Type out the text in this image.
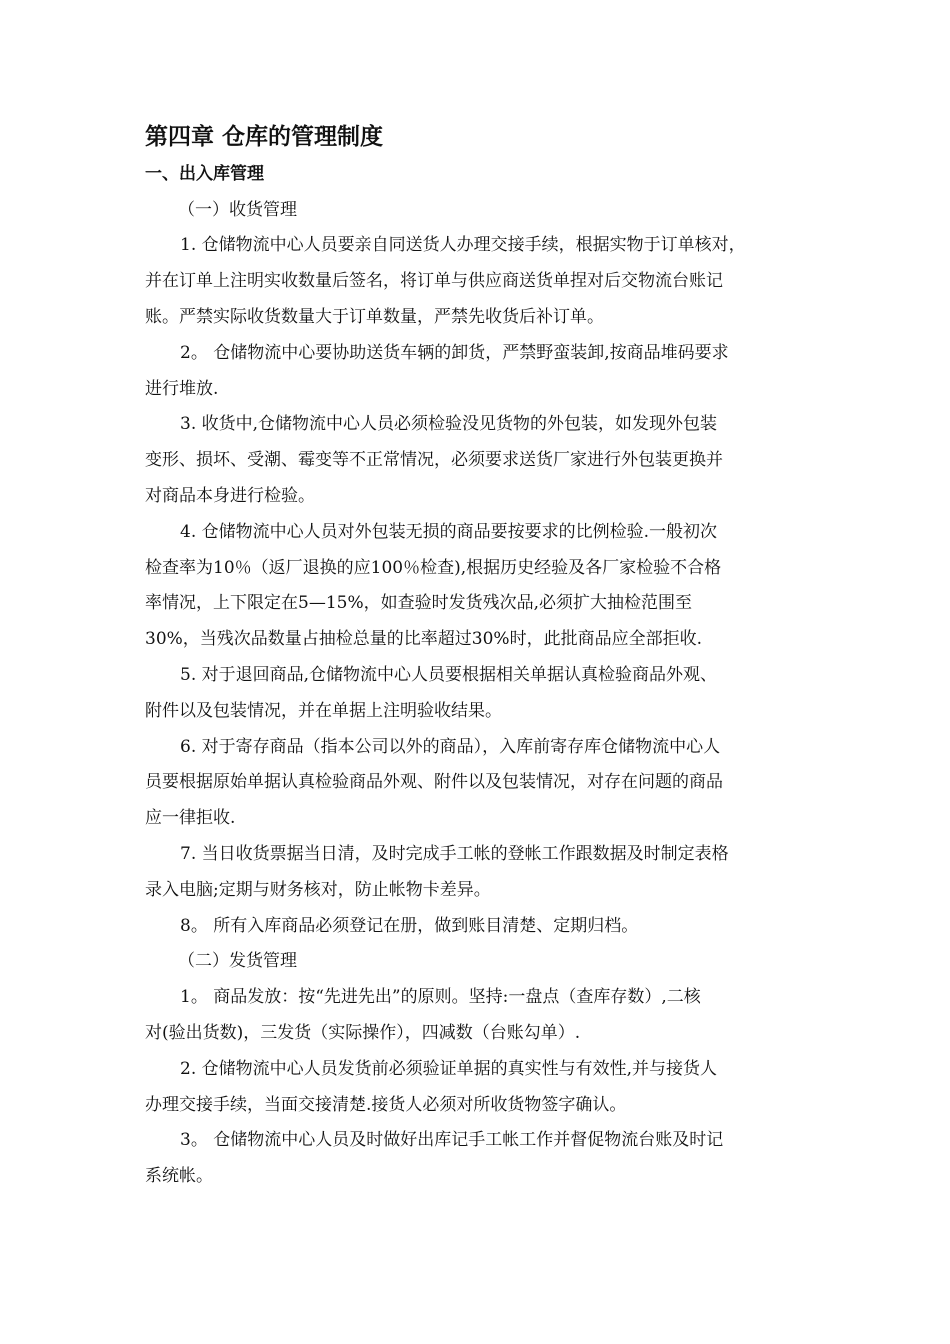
第四章 仓库的管理制度
一、出入库管理

（一）收货管理

1. 仓储物流中心人员要亲自同送货人办理交接手续，根据实物于订单核对，

并在订单上注明实收数量后签名，将订单与供应商送货单捏对后交物流台账记

账。严禁实际收货数量大于订单数量，严禁先收货后补订单。

2。 仓储物流中心要协助送货车辆的卸货，严禁野蛮装卸,按商品堆码要求

进行堆放.

3. 收货中,仓储物流中心人员必须检验没见货物的外包装，如发现外包装

变形、损坏、受潮、霉变等不正常情况，必须要求送货厂家进行外包装更换并

对商品本身进行检验。

4. 仓储物流中心人员对外包装无损的商品要按要求的比例检验.一般初次

检查率为10％（返厂退换的应100％检查),根据历史经验及各厂家检验不合格

率情况，上下限定在5—15%，如查验时发货残次品,必须扩大抽检范围至

30%，当残次品数量占抽检总量的比率超过30%时，此批商品应全部拒收.

5. 对于退回商品,仓储物流中心人员要根据相关单据认真检验商品外观、

附件以及包装情况，并在单据上注明验收结果。

6. 对于寄存商品（指本公司以外的商品），入库前寄存库仓储物流中心人

员要根据原始单据认真检验商品外观、附件以及包装情况，对存在问题的商品

应一律拒收.

7. 当日收货票据当日清，及时完成手工帐的登帐工作跟数据及时制定表格

录入电脑;定期与财务核对，防止帐物卡差异。

8。 所有入库商品必须登记在册，做到账目清楚、定期归档。

（二）发货管理

1。 商品发放：按“先进先出”的原则。坚持:一盘点（查库存数）,二核

对(验出货数)，三发货（实际操作），四减数（台账勾单）.

2. 仓储物流中心人员发货前必须验证单据的真实性与有效性,并与接货人

办理交接手续，当面交接清楚.接货人必须对所收货物签字确认。

3。 仓储物流中心人员及时做好出库记手工帐工作并督促物流台账及时记

系统帐。
